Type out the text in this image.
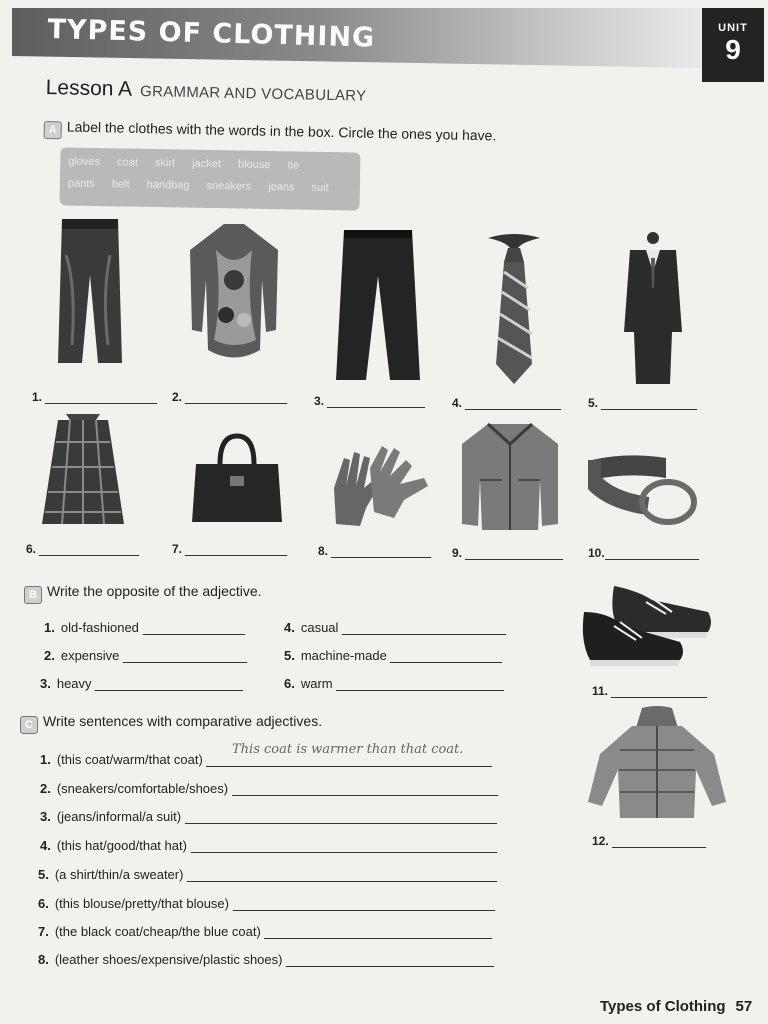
TYPES OF CLOTHING	UNIT
9
Lesson A GRAMMAR AND VOCABULARY
A Label the clothes with the words in the box. Circle the ones you have.
gloves coat skirt jacket blouse tie
pants belt handbag sneakers jeans suit
1.	2.	3.	4.	5.
6.	7.	8.	9.	10.
B Write the opposite of the adjective.
1. old-fashioned
2. expensive
3. heavy
4. casual
5. machine-made
6. warm	11.
12.
C Write sentences with comparative adjectives.
This coat is warmer than that coat.
1. (this coat/warm/that coat)
2. (sneakers/comfortable/shoes)
3. (jeans/informal/a suit)
4. (this hat/good/that hat)
5. (a shirt/thin/a sweater)
6. (this blouse/pretty/that blouse)
7. (the black coat/cheap/the blue coat)
8. (leather shoes/expensive/plastic shoes)
Types of Clothing 57
